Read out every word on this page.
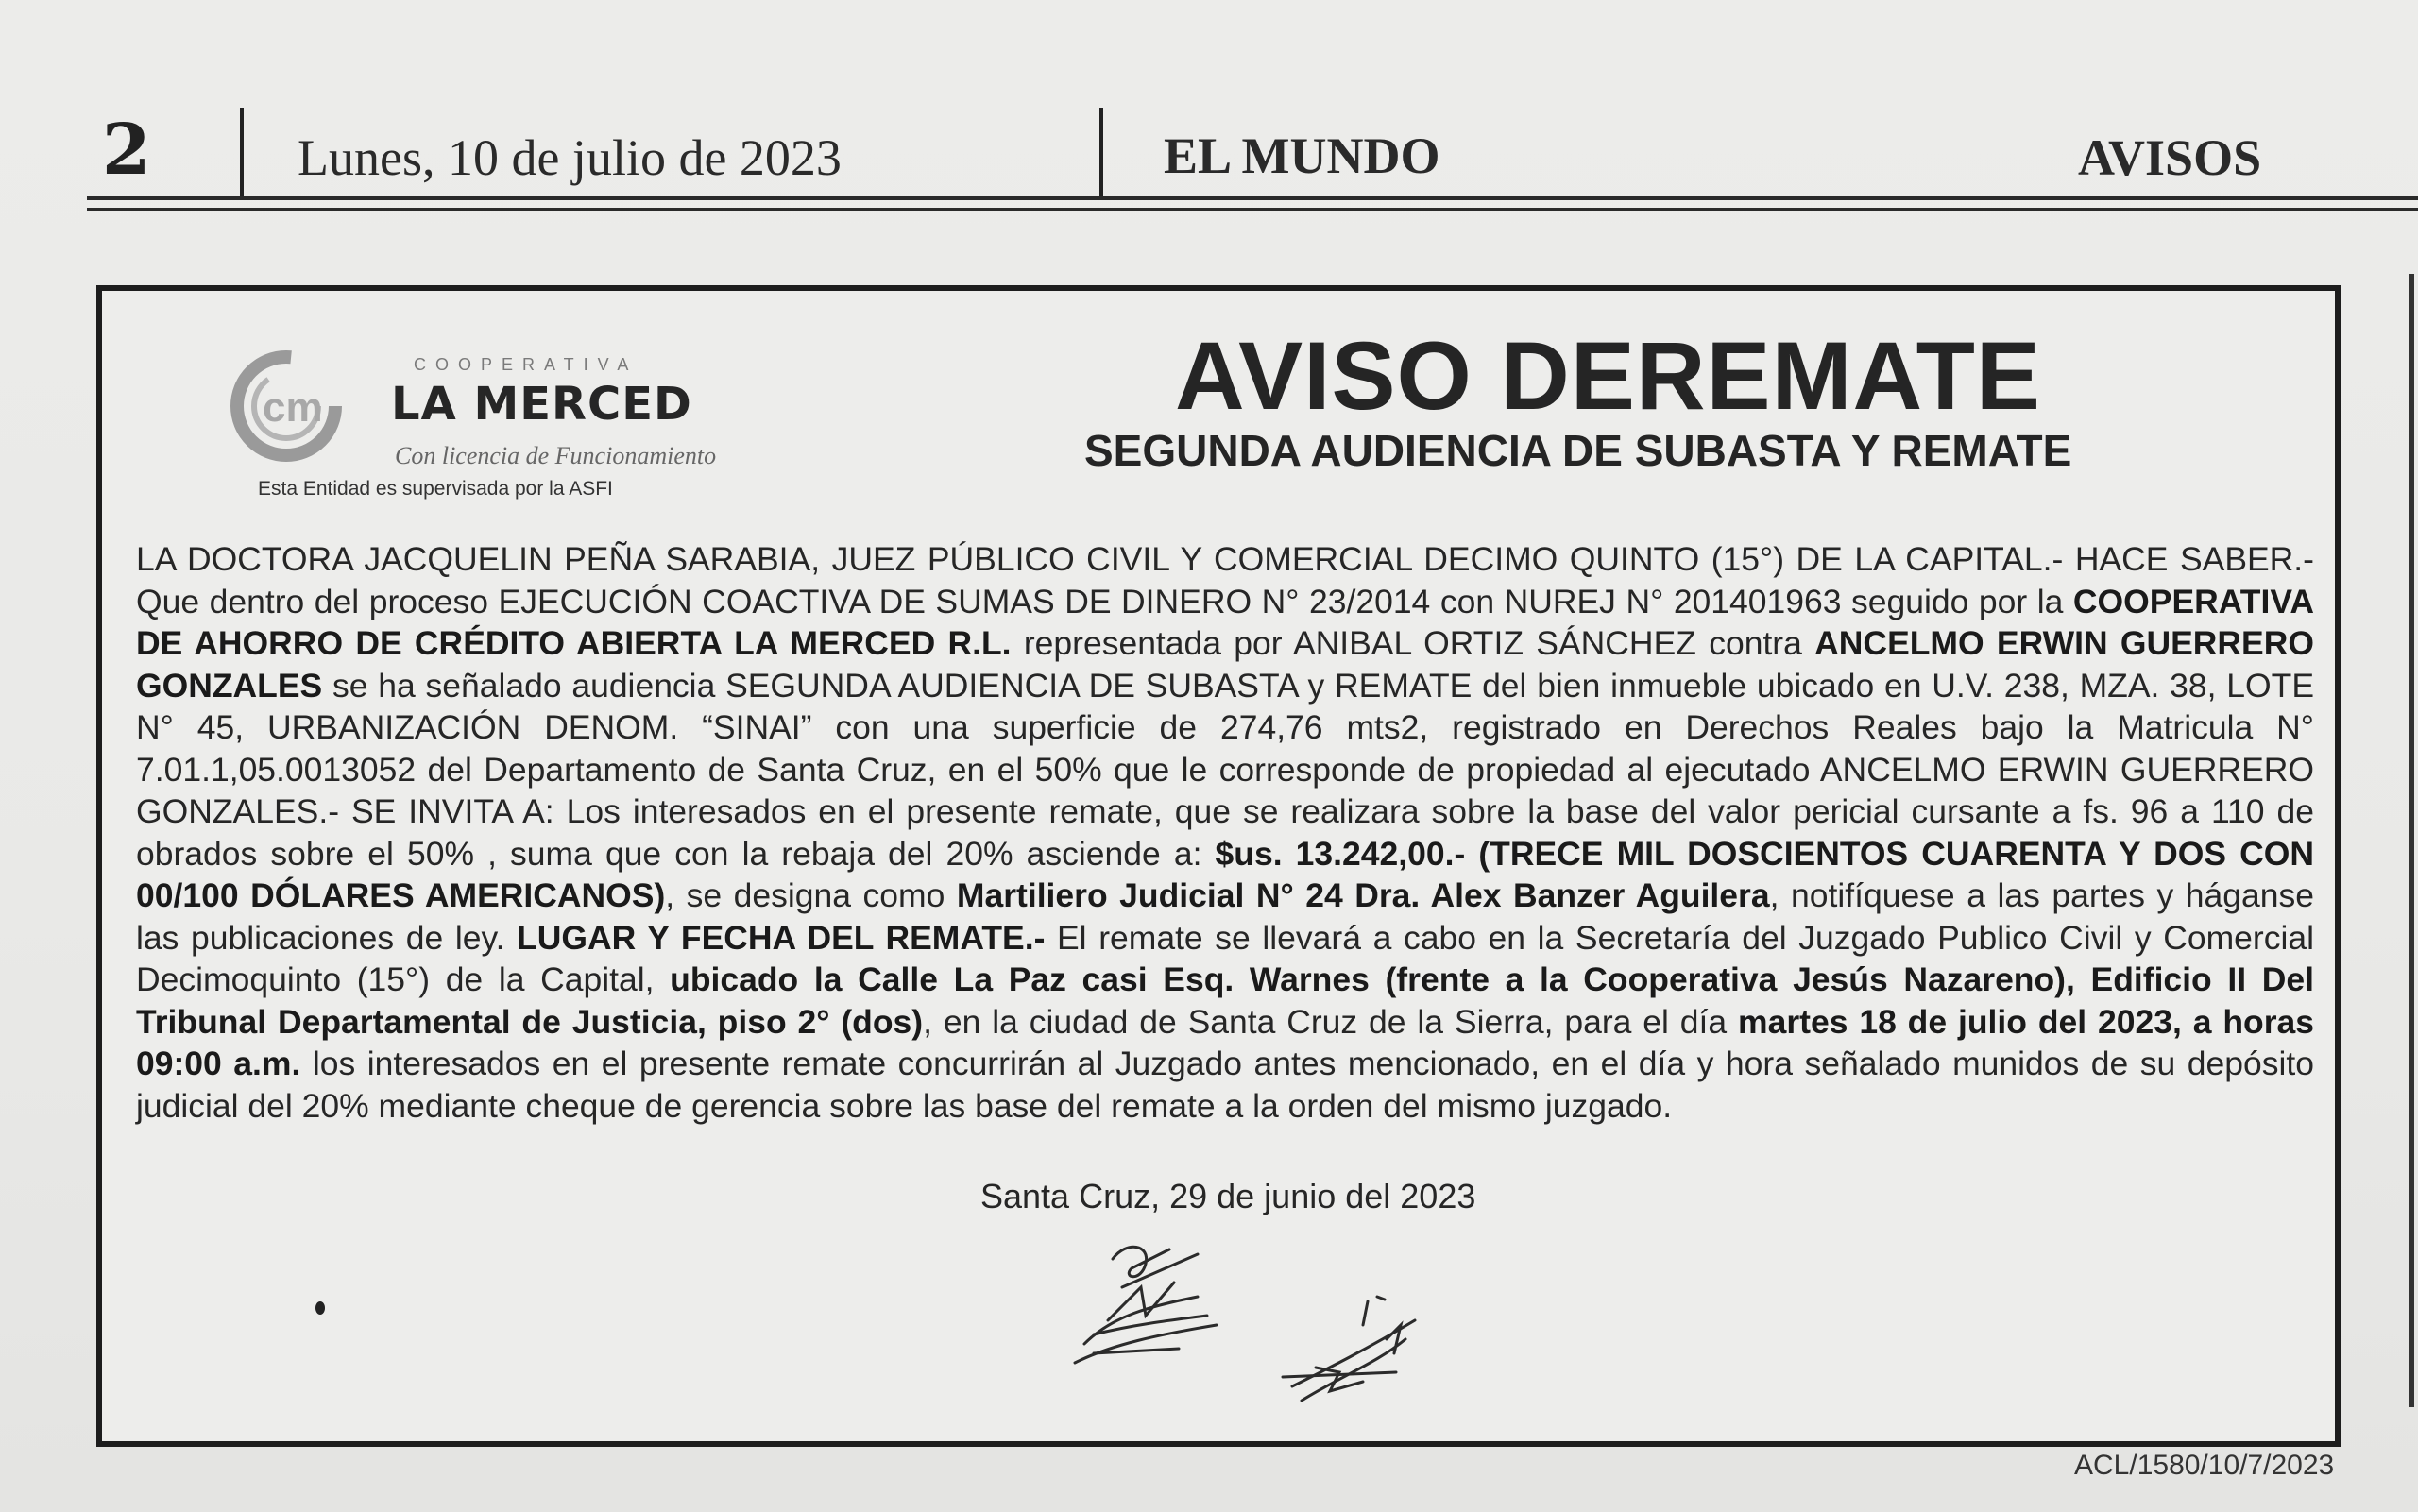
2	Lunes, 10 de julio de 2023	EL MUNDO	AVISOS
cm
COOPERATIVA
LA MERCED
Con licencia de Funcionamiento
Esta Entidad es supervisada por la ASFI
AVISO DEREMATE
SEGUNDA AUDIENCIA DE SUBASTA Y REMATE
LA DOCTORA JACQUELIN PEÑA SARABIA, JUEZ PÚBLICO CIVIL Y COMERCIAL DECIMO QUINTO (15°) DE LA CAPITAL.- HACE SABER.- Que dentro del proceso EJECUCIÓN COACTIVA DE SUMAS DE DINERO N° 23/2014 con NUREJ N° 201401963 seguido por la COOPERATIVA DE AHORRO DE CRÉDITO ABIERTA LA MERCED R.L. representada por ANIBAL ORTIZ SÁNCHEZ contra ANCELMO ERWIN GUERRERO GONZALES se ha señalado audiencia SEGUNDA AUDIENCIA DE SUBASTA y REMATE del bien inmueble ubicado en U.V. 238, MZA. 38, LOTE N° 45, URBANIZACIÓN DENOM. “SINAI” con una superficie de 274,76 mts2, registrado en Derechos Reales bajo la Matricula N° 7.01.1,05.0013052 del Departamento de Santa Cruz, en el 50% que le corresponde de propiedad al ejecutado ANCELMO ERWIN GUERRERO GONZALES.- SE INVITA A: Los interesados en el presente remate, que se realizara sobre la base del valor pericial cursante a fs. 96 a 110 de obrados sobre el 50% , suma que con la rebaja del 20% asciende a: $us. 13.242,00.- (TRECE MIL DOSCIENTOS CUARENTA Y DOS CON 00/100 DÓLARES AMERICANOS), se designa como Martiliero Judicial N° 24 Dra. Alex Banzer Aguilera, notifíquese a las partes y háganse las publicaciones de ley. LUGAR Y FECHA DEL REMATE.- El remate se llevará a cabo en la Secretaría del Juzgado Publico Civil y Comercial Decimoquinto (15°) de la Capital, ubicado la Calle La Paz casi Esq. Warnes (frente a la Cooperativa Jesús Nazareno), Edificio II Del Tribunal Departamental de Justicia, piso 2° (dos), en la ciudad de Santa Cruz de la Sierra, para el día martes 18 de julio del 2023, a horas 09:00 a.m. los interesados en el presente remate concurrirán al Juzgado antes mencionado, en el día y hora señalado munidos de su depósito judicial del 20% mediante cheque de gerencia sobre las base del remate a la orden del mismo juzgado.
Santa Cruz, 29 de junio del 2023
ACL/1580/10/7/2023
